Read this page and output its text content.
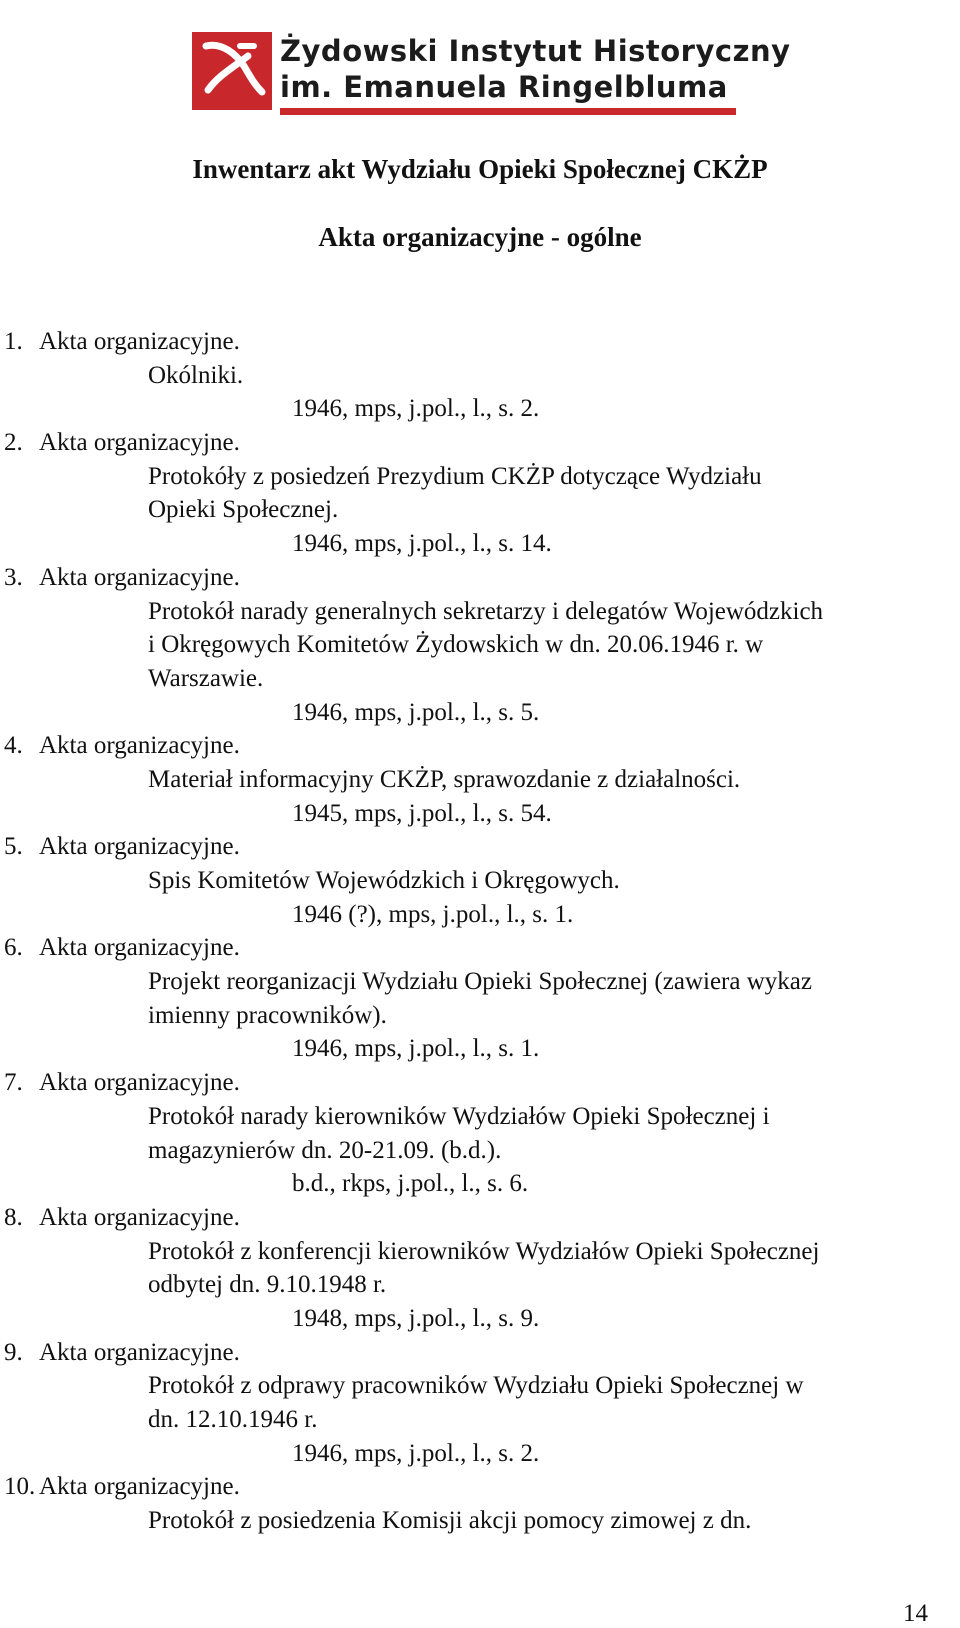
Żydowski Instytut Historyczny
im. Emanuela Ringelbluma
Inwentarz akt Wydziału Opieki Społecznej CKŻP
Akta organizacyjne - ogólne
1. Akta organizacyjne.
Okólniki.
1946, mps, j.pol., l., s. 2.
2. Akta organizacyjne.
Protokóły z posiedzeń Prezydium CKŻP dotyczące Wydziału
Opieki Społecznej.
1946, mps, j.pol., l., s. 14.
3. Akta organizacyjne.
Protokół narady generalnych sekretarzy i delegatów Wojewódzkich
i Okręgowych Komitetów Żydowskich w dn. 20.06.1946 r. w
Warszawie.
1946, mps, j.pol., l., s. 5.
4. Akta organizacyjne.
Materiał informacyjny CKŻP, sprawozdanie z działalności.
1945, mps, j.pol., l., s. 54.
5. Akta organizacyjne.
Spis Komitetów Wojewódzkich i Okręgowych.
1946 (?), mps, j.pol., l., s. 1.
6. Akta organizacyjne.
Projekt reorganizacji Wydziału Opieki Społecznej (zawiera wykaz
imienny pracowników).
1946, mps, j.pol., l., s. 1.
7. Akta organizacyjne.
Protokół narady kierowników Wydziałów Opieki Społecznej i
magazynierów dn. 20-21.09. (b.d.).
b.d., rkps, j.pol., l., s. 6.
8. Akta organizacyjne.
Protokół z konferencji kierowników Wydziałów Opieki Społecznej
odbytej dn. 9.10.1948 r.
1948, mps, j.pol., l., s. 9.
9. Akta organizacyjne.
Protokół z odprawy pracowników Wydziału Opieki Społecznej w
dn. 12.10.1946 r.
1946, mps, j.pol., l., s. 2.
10. Akta organizacyjne.
Protokół z posiedzenia Komisji akcji pomocy zimowej z dn.
14
